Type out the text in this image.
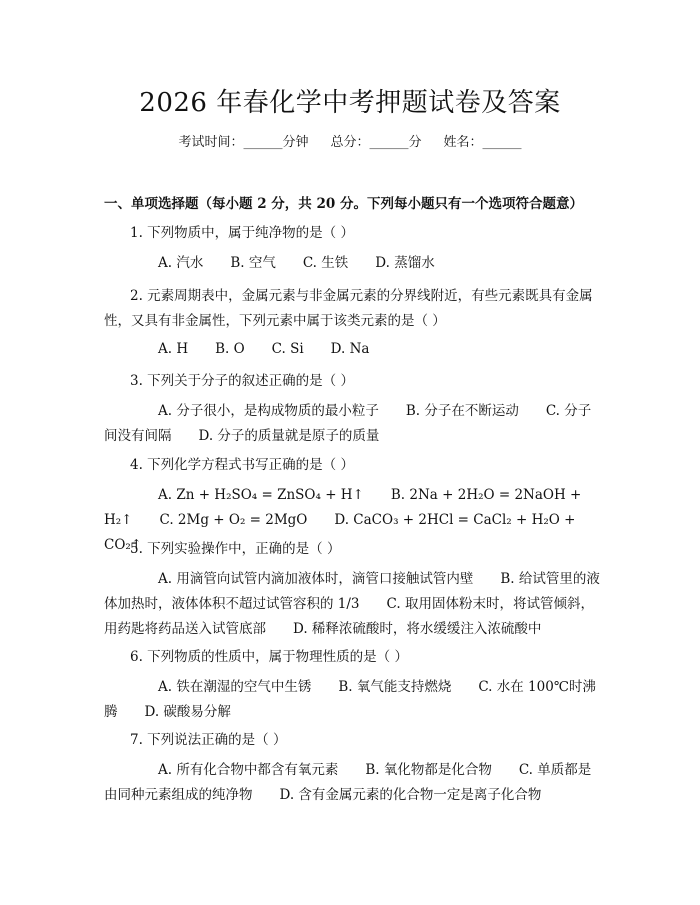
2026 年春化学中考押题试卷及答案
考试时间：______分钟 总分：______分 姓名：______
一、单项选择题（每小题 2 分，共 20 分。下列每小题只有一个选项符合题意）

1. 下列物质中，属于纯净物的是（ ）

A. 汽水　　B. 空气　　C. 生铁　　D. 蒸馏水

2. 元素周期表中，金属元素与非金属元素的分界线附近，有些元素既具有金属性，又具有非金属性，下列元素中属于该类元素的是（ ）

A. H　　B. O　　C. Si　　D. Na

3. 下列关于分子的叙述正确的是（ ）

A. 分子很小，是构成物质的最小粒子　　B. 分子在不断运动　　C. 分子间没有间隔　　D. 分子的质量就是原子的质量

4. 下列化学方程式书写正确的是（ ）

A. Zn + H₂SO₄ = ZnSO₄ + H↑　　B. 2Na + 2H₂O = 2NaOH + H₂↑　　C. 2Mg + O₂ = 2MgO　　D. CaCO₃ + 2HCl = CaCl₂ + H₂O + CO₂↑

5. 下列实验操作中，正确的是（ ）

A. 用滴管向试管内滴加液体时，滴管口接触试管内壁　　B. 给试管里的液体加热时，液体体积不超过试管容积的 1/3　　C. 取用固体粉末时，将试管倾斜，用药匙将药品送入试管底部　　D. 稀释浓硫酸时，将水缓缓注入浓硫酸中

6. 下列物质的性质中，属于物理性质的是（ ）

A. 铁在潮湿的空气中生锈　　B. 氧气能支持燃烧　　C. 水在 100℃时沸腾　　D. 碳酸易分解

7. 下列说法正确的是（ ）

A. 所有化合物中都含有氧元素　　B. 氧化物都是化合物　　C. 单质都是由同种元素组成的纯净物　　D. 含有金属元素的化合物一定是离子化合物
